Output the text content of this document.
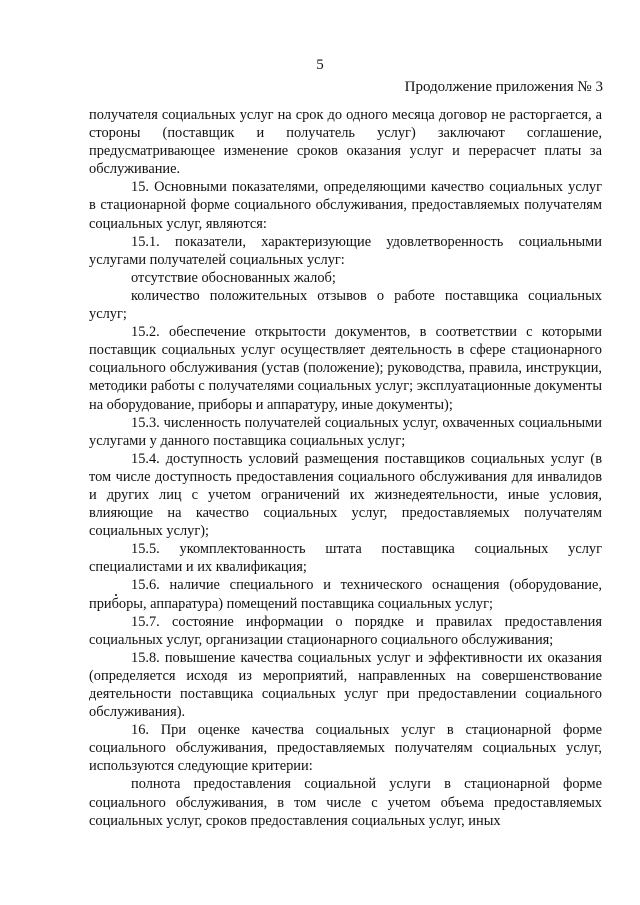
5
Продолжение приложения № 3

получателя социальных услуг на срок до одного месяца договор не расторгается, а стороны (поставщик и получатель услуг) заключают соглашение, предусматривающее изменение сроков оказания услуг и перерасчет платы за обслуживание.

15. Основными показателями, определяющими качество социальных услуг в стационарной форме социального обслуживания, предоставляемых получателям социальных услуг, являются:

15.1. показатели, характеризующие удовлетворенность социальными услугами получателей социальных услуг:

отсутствие обоснованных жалоб;

количество положительных отзывов о работе поставщика социальных услуг;

15.2. обеспечение открытости документов, в соответствии с которыми поставщик социальных услуг осуществляет деятельность в сфере стационарного социального обслуживания (устав (положение); руководства, правила, инструкции, методики работы с получателями социальных услуг; эксплуатационные документы на оборудование, приборы и аппаратуру, иные документы);

15.3. численность получателей социальных услуг, охваченных социальными услугами у данного поставщика социальных услуг;

15.4. доступность условий размещения поставщиков социальных услуг (в том числе доступность предоставления социального обслуживания для инвалидов и других лиц с учетом ограничений их жизнедеятельности, иные условия, влияющие на качество социальных услуг, предоставляемых получателям социальных услуг);

15.5. укомплектованность штата поставщика социальных услуг специалистами и их квалификация;

15.6. наличие специального и технического оснащения (оборудование, приборы, аппаратура) помещений поставщика социальных услуг;

15.7. состояние информации о порядке и правилах предоставления социальных услуг, организации стационарного социального обслуживания;

15.8. повышение качества социальных услуг и эффективности их оказания (определяется исходя из мероприятий, направленных на совершенствование деятельности поставщика социальных услуг при предоставлении социального обслуживания).

16. При оценке качества социальных услуг в стационарной форме социального обслуживания, предоставляемых получателям социальных услуг, используются следующие критерии:

полнота предоставления социальной услуги в стационарной форме социального обслуживания, в том числе с учетом объема предоставляемых социальных услуг, сроков предоставления социальных услуг, иных
